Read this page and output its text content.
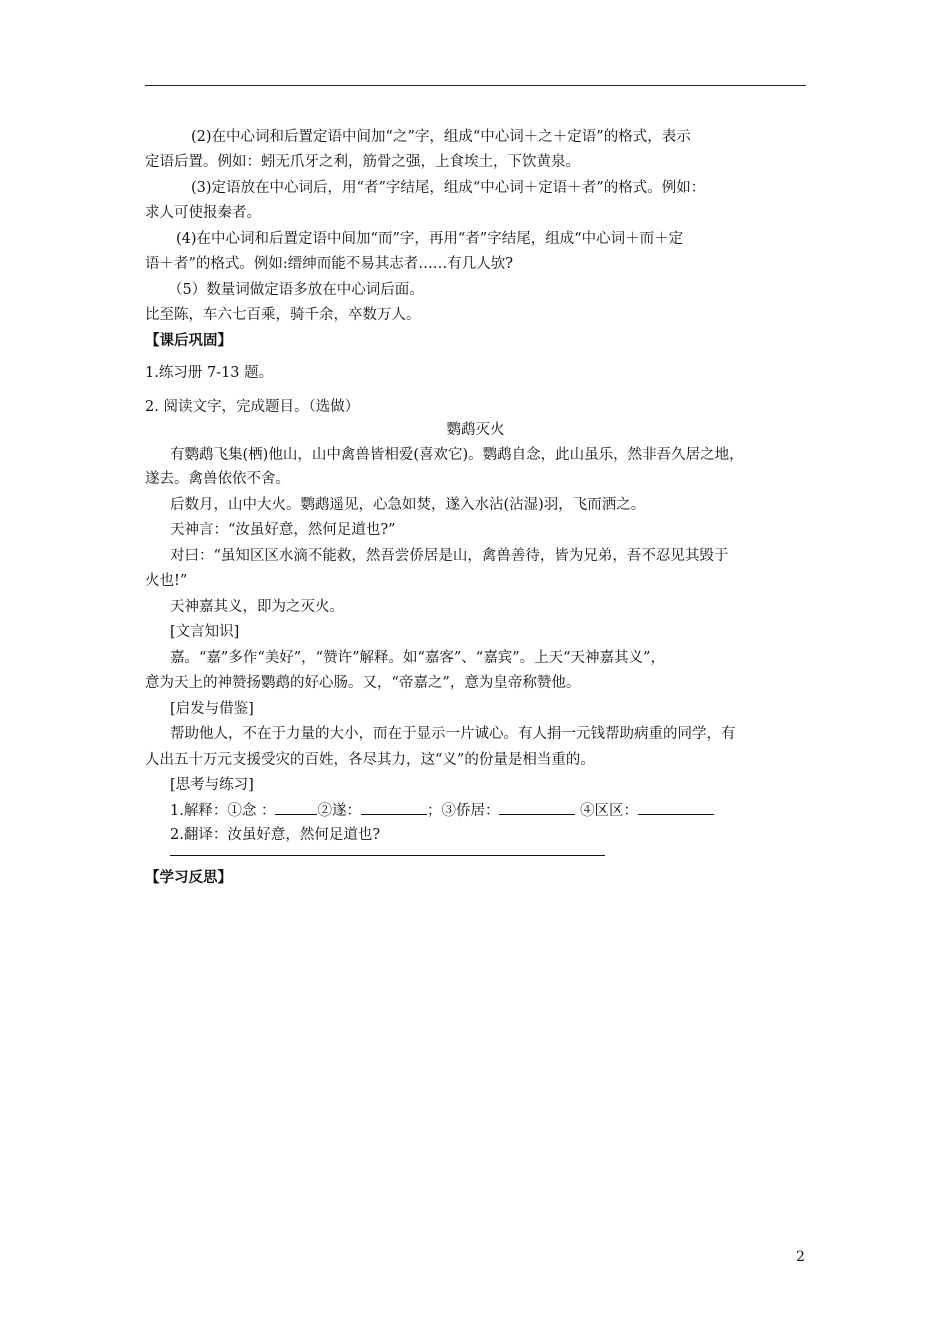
(2)在中心词和后置定语中间加“之”字，组成“中心词＋之＋定语”的格式，表示
定语后置。例如：蚓无爪牙之利，筋骨之强，上食埃土，下饮黄泉。
(3)定语放在中心词后，用“者”字结尾，组成“中心词＋定语＋者”的格式。例如：
求人可使报秦者。
(4)在中心词和后置定语中间加“而”字，再用“者”字结尾，组成“中心词＋而＋定
语＋者”的格式。例如:缙绅而能不易其志者……有几人欤?
（5）数量词做定语多放在中心词后面。
比至陈，车六七百乘，骑千余，卒数万人。
【课后巩固】
1.练习册 7-13 题。
2. 阅读文字，完成题目。（选做）
鹦鹉灭火
有鹦鹉飞集(栖)他山，山中禽兽皆相爱(喜欢它)。鹦鹉自念，此山虽乐，然非吾久居之地，
遂去。禽兽依依不舍。
后数月，山中大火。鹦鹉遥见，心急如焚，遂入水沾(沾湿)羽，飞而洒之。
天神言：“汝虽好意，然何足道也?”
对曰：“虽知区区水滴不能救，然吾尝侨居是山，禽兽善待，皆为兄弟，吾不忍见其毁于
火也!”
天神嘉其义，即为之灭火。
[文言知识]
嘉。“嘉”多作“美好”，“赞许”解释。如“嘉客”、“嘉宾”。上天“天神嘉其义”，
意为天上的神赞扬鹦鹉的好心肠。又，“帝嘉之”，意为皇帝称赞他。
[启发与借鉴]
帮助他人，不在于力量的大小，而在于显示一片诚心。有人捐一元钱帮助病重的同学，有
人出五十万元支援受灾的百姓，各尽其力，这“义”的份量是相当重的。
[思考与练习]
1.解释：①念 ：	②遂：	；③侨居：	④区区：
2.翻译：汝虽好意，然何足道也?
【学习反思】
2
